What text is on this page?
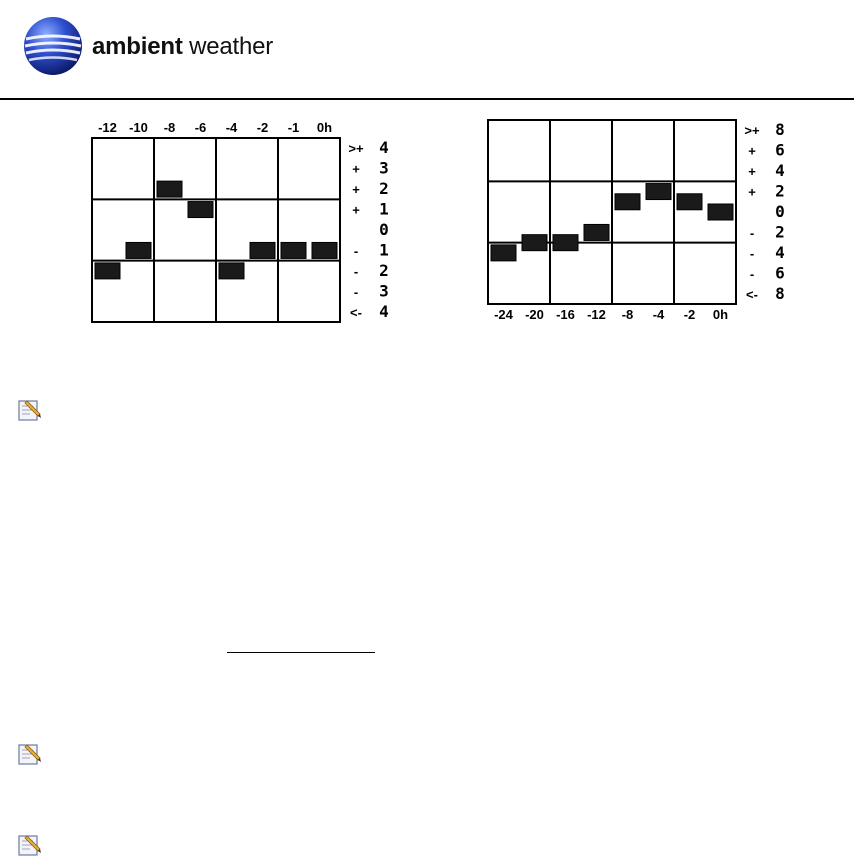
ambient weather
-12 -10 -8 -6 -4 -2 -1 0h
>+ 4
+ 3
+ 2
+ 1
0
- 1
- 2
- 3
<- 4	-24 -20 -16 -12 -8 -4 -2 0h
>+ 8
+ 6
+ 4
+ 2
0
- 2
- 4
- 6
<- 8
